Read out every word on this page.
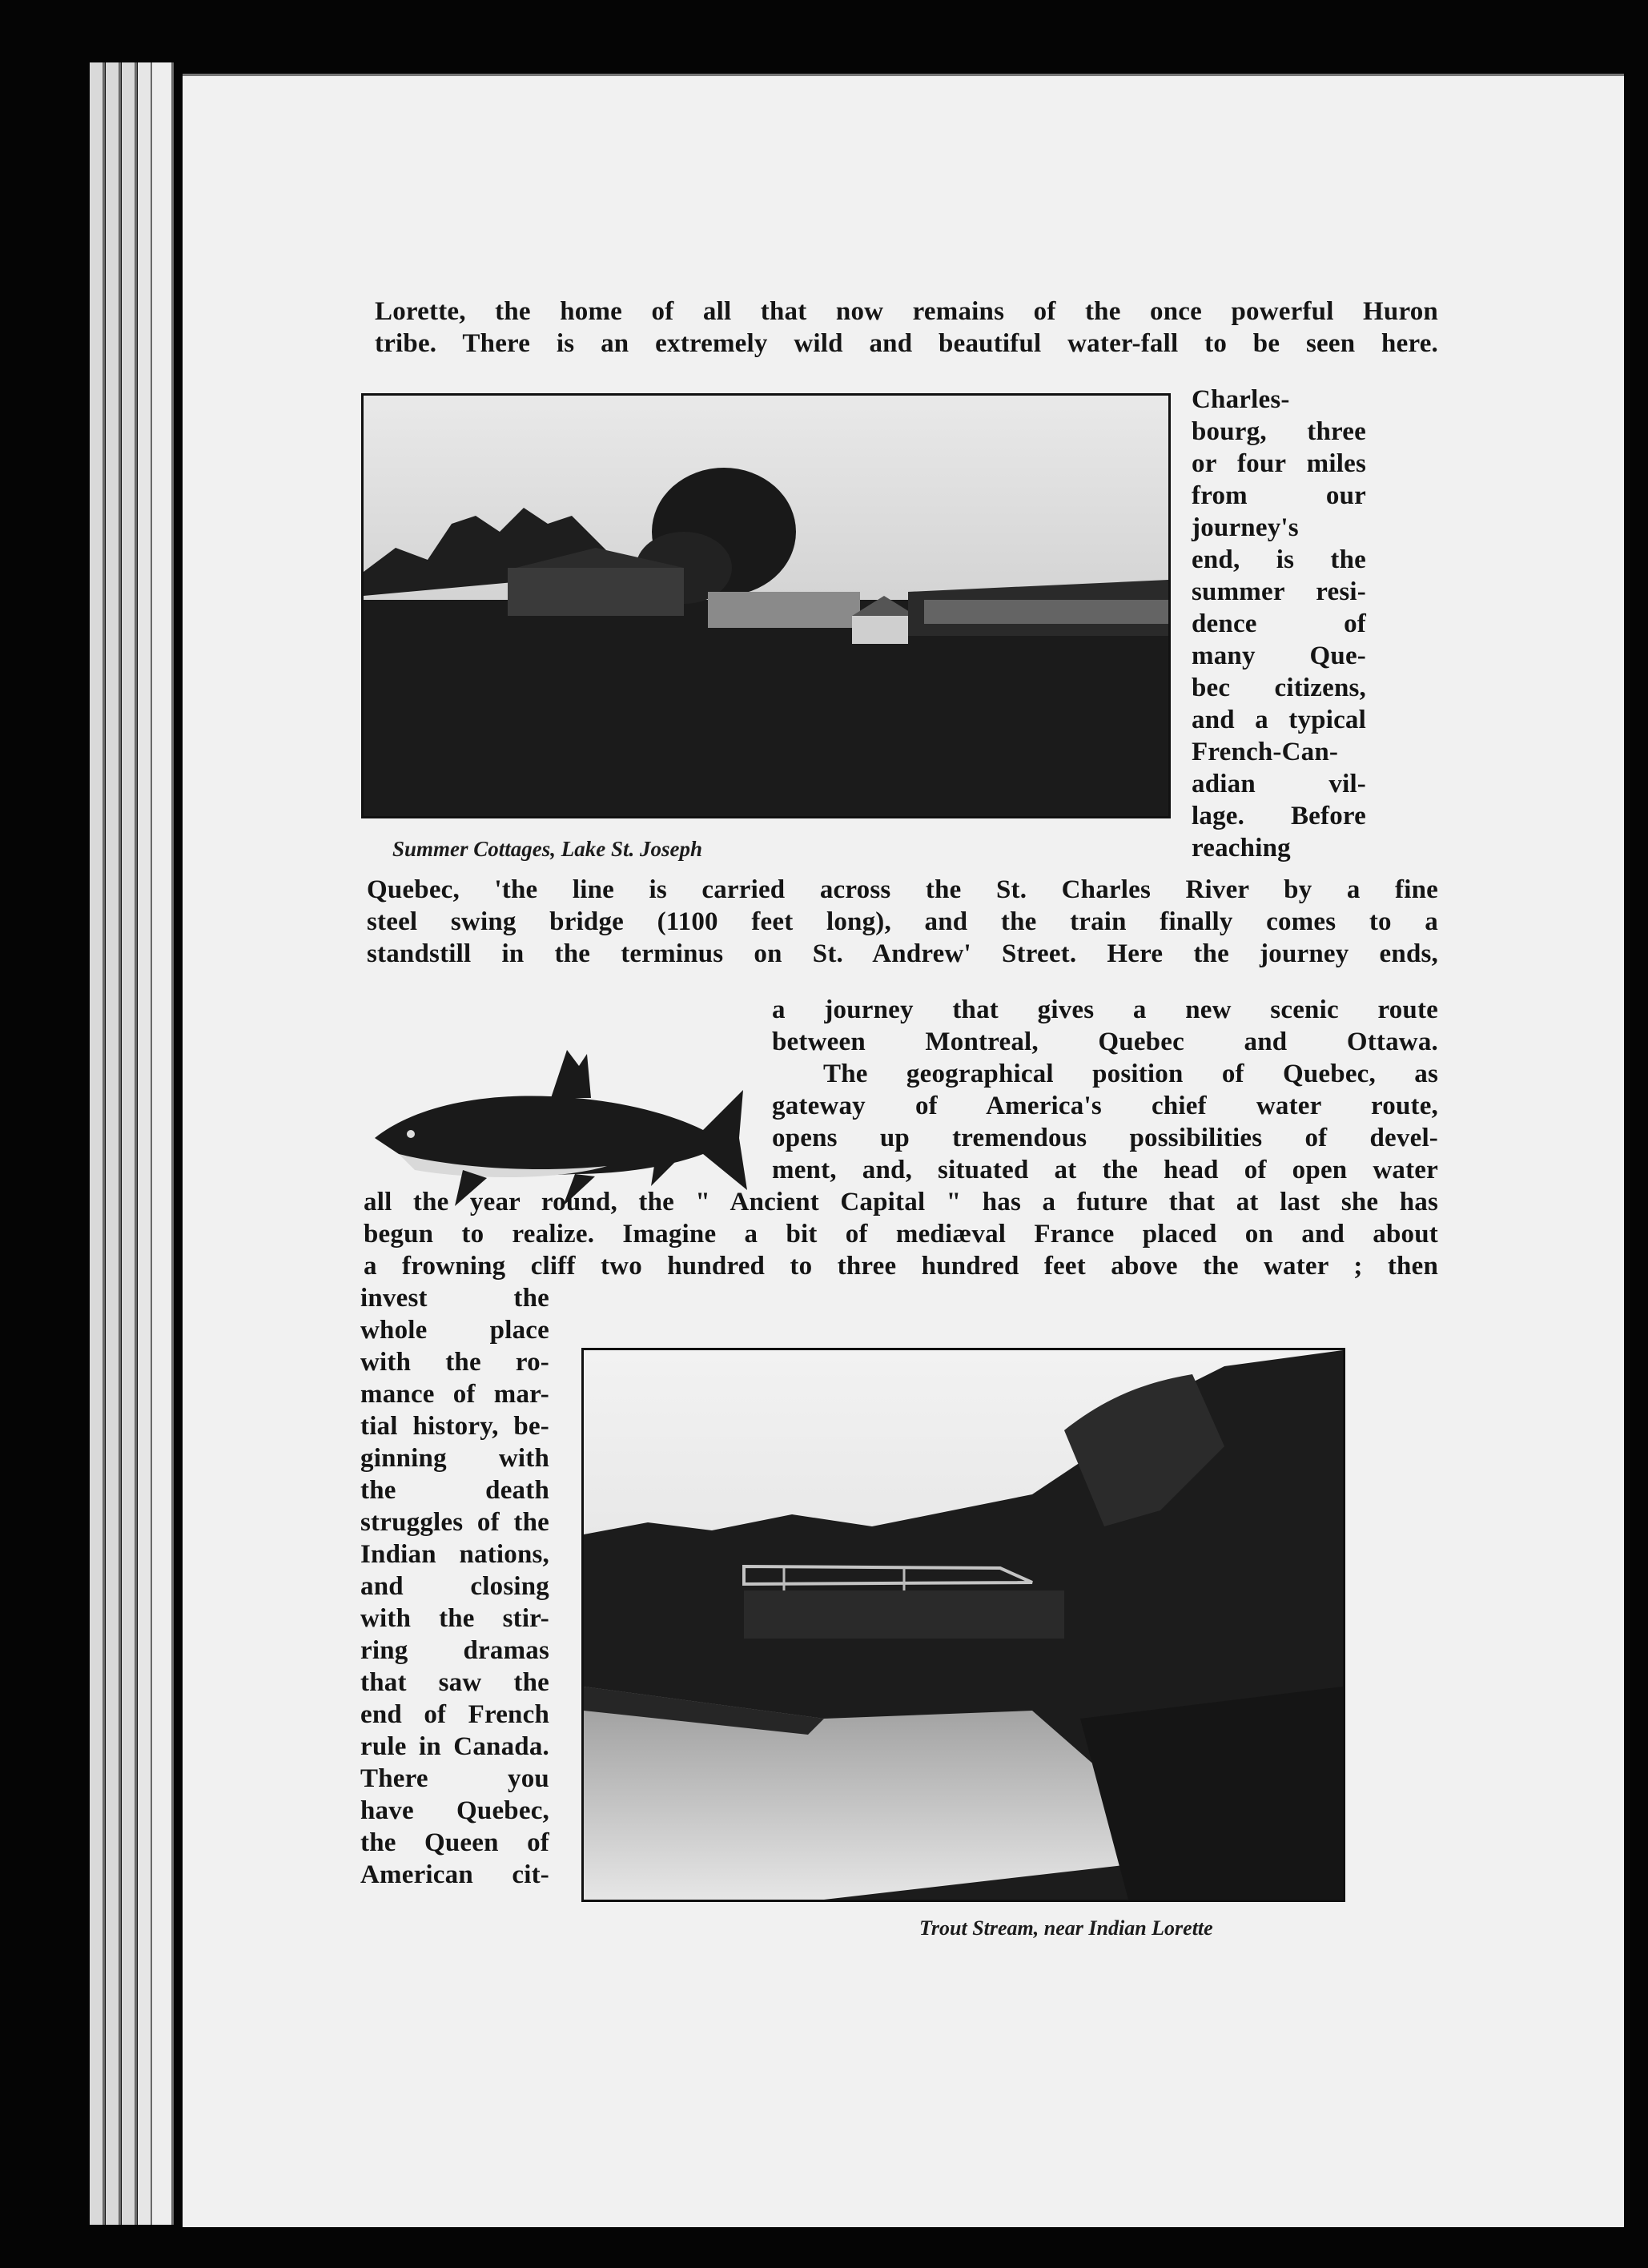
Lorette, the home of all that now remains of the once powerful Huron
tribe. There is an extremely wild and beautiful water-fall to be seen here.
Summer Cottages, Lake St. Joseph
Charles-
bourg, three
or four miles
from our
journey's
end, is the
summer resi-
dence of
many Que-
bec citizens,
and a typical
French-Can-
adian vil-
lage. Before
reaching
Quebec, 'the line is carried across the St. Charles River by a fine
steel swing bridge (1100 feet long), and the train finally comes to a
standstill in the terminus on St. Andrew' Street. Here the journey ends,
a journey that gives a new scenic route
between Montreal, Quebec and Ottawa.
The geographical position of Quebec, as
gateway of America's chief water route,
opens up tremendous possibilities of devel-
ment, and, situated at the head of open water
all the year round, the " Ancient Capital " has a future that at last she has
begun to realize. Imagine a bit of mediæval France placed on and about
a frowning cliff two hundred to three hundred feet above the water ; then
invest the
whole place
with the ro-
mance of mar-
tial history, be-
ginning with
the death
struggles of the
Indian nations,
and closing
with the stir-
ring dramas
that saw the
end of French
rule in Canada.
There you
have Quebec,
the Queen of
American cit-
Trout Stream, near Indian Lorette
